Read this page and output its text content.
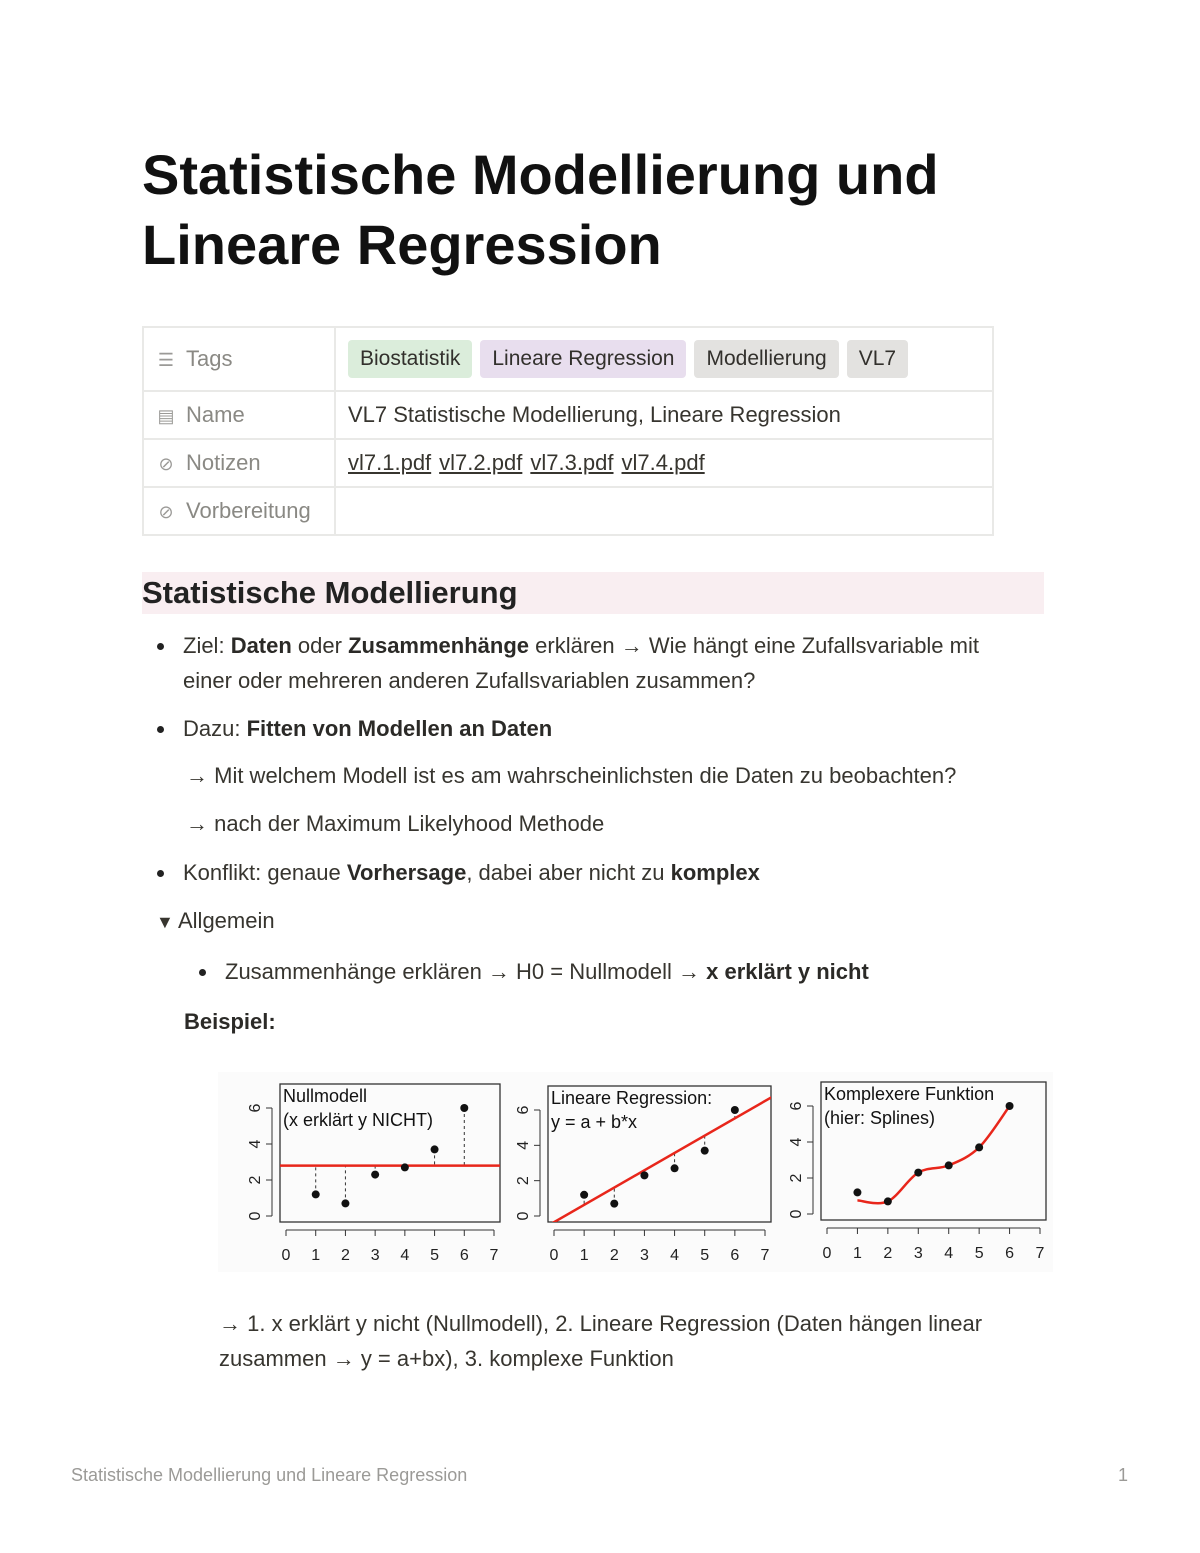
Statistische Modellierung und Lineare Regression
☰ Tags	Biostatistik Lineare Regression Modellierung VL7
▤ Name	VL7 Statistische Modellierung, Lineare Regression
⊘ Notizen	vl7.1.pdf vl7.2.pdf vl7.3.pdf vl7.4.pdf
⊘ Vorbereitung	
Statistische Modellierung
Ziel: Daten oder Zusammenhänge erklären → Wie hängt eine Zufallsvariable mit
einer oder mehreren anderen Zufallsvariablen zusammen?
Dazu: Fitten von Modellen an Daten
→ Mit welchem Modell ist es am wahrscheinlichsten die Daten zu beobachten?
→ nach der Maximum Likelyhood Methode
Konflikt: genaue Vorhersage, dabei aber nicht zu komplex
▼ Allgemein
Zusammenhänge erklären → H0 = Nullmodell → x erklärt y nicht
Beispiel:
Nullmodell
(x erklärt y NICHT)
0 1 2 3 4 5 6 7
0
2
4
6	Lineare Regression:
y = a + b*x
0 1 2 3 4 5 6 7
0
2
4
6
Komplexere Funktion
(hier: Splines)
0 1 2 3 4 5 6 7
0
2
4
6
→ 1. x erklärt y nicht (Nullmodell), 2. Lineare Regression (Daten hängen linear
zusammen → y = a+bx), 3. komplexe Funktion
Statistische Modellierung und Lineare Regression	1
